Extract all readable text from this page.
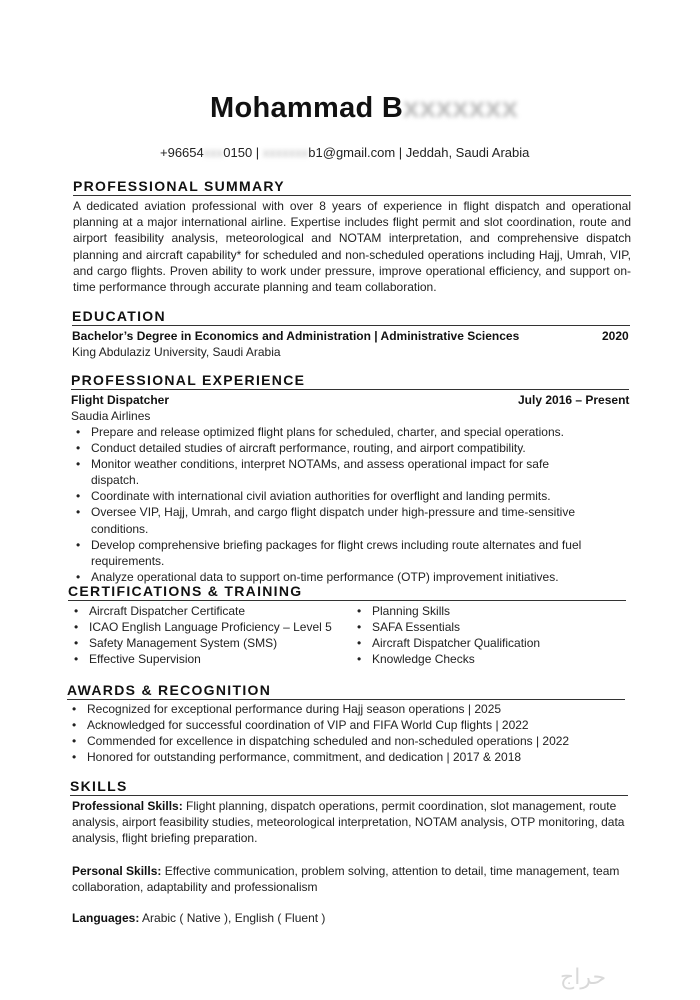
Mohammad Bxxxxxxx
+96654xxx0150 | xxxxxxxb1@gmail.com | Jeddah, Saudi Arabia
PROFESSIONAL SUMMARY

A dedicated aviation professional with over 8 years of experience in flight dispatch and operational planning at a major international airline. Expertise includes flight permit and slot coordination, route and airport feasibility analysis, meteorological and NOTAM interpretation, and comprehensive dispatch planning and aircraft capability* for scheduled and non-scheduled operations including Hajj, Umrah, VIP, and cargo flights. Proven ability to work under pressure, improve operational efficiency, and support on-time performance through accurate planning and team collaboration.

EDUCATION
Bachelor’s Degree in Economics and Administration | Administrative Sciences	2020
King Abdulaziz University, Saudi Arabia
PROFESSIONAL EXPERIENCE
Flight Dispatcher	July 2016 – Present
Saudia Airlines
• Prepare and release optimized flight plans for scheduled, charter, and special operations.
• Conduct detailed studies of aircraft performance, routing, and airport compatibility.
• Monitor weather conditions, interpret NOTAMs, and assess operational impact for safe dispatch.
• Coordinate with international civil aviation authorities for overflight and landing permits.
• Oversee VIP, Hajj, Umrah, and cargo flight dispatch under high-pressure and time-sensitive conditions.
• Develop comprehensive briefing packages for flight crews including route alternates and fuel requirements.
• Analyze operational data to support on-time performance (OTP) improvement initiatives.
CERTIFICATIONS & TRAINING
• Aircraft Dispatcher Certificate
• ICAO English Language Proficiency – Level 5
• Safety Management System (SMS)
• Effective Supervision
• Planning Skills
• SAFA Essentials
• Aircraft Dispatcher Qualification
• Knowledge Checks
AWARDS & RECOGNITION
• Recognized for exceptional performance during Hajj season operations | 2025
• Acknowledged for successful coordination of VIP and FIFA World Cup flights | 2022
• Commended for excellence in dispatching scheduled and non-scheduled operations | 2022
• Honored for outstanding performance, commitment, and dedication | 2017 & 2018
SKILLS

Professional Skills: Flight planning, dispatch operations, permit coordination, slot management, route analysis, airport feasibility studies, meteorological interpretation, NOTAM analysis, OTP monitoring, data analysis, flight briefing preparation.

Personal Skills: Effective communication, problem solving, attention to detail, time management, team collaboration, adaptability and professionalism

Languages: Arabic ( Native ), English ( Fluent )

حراج
